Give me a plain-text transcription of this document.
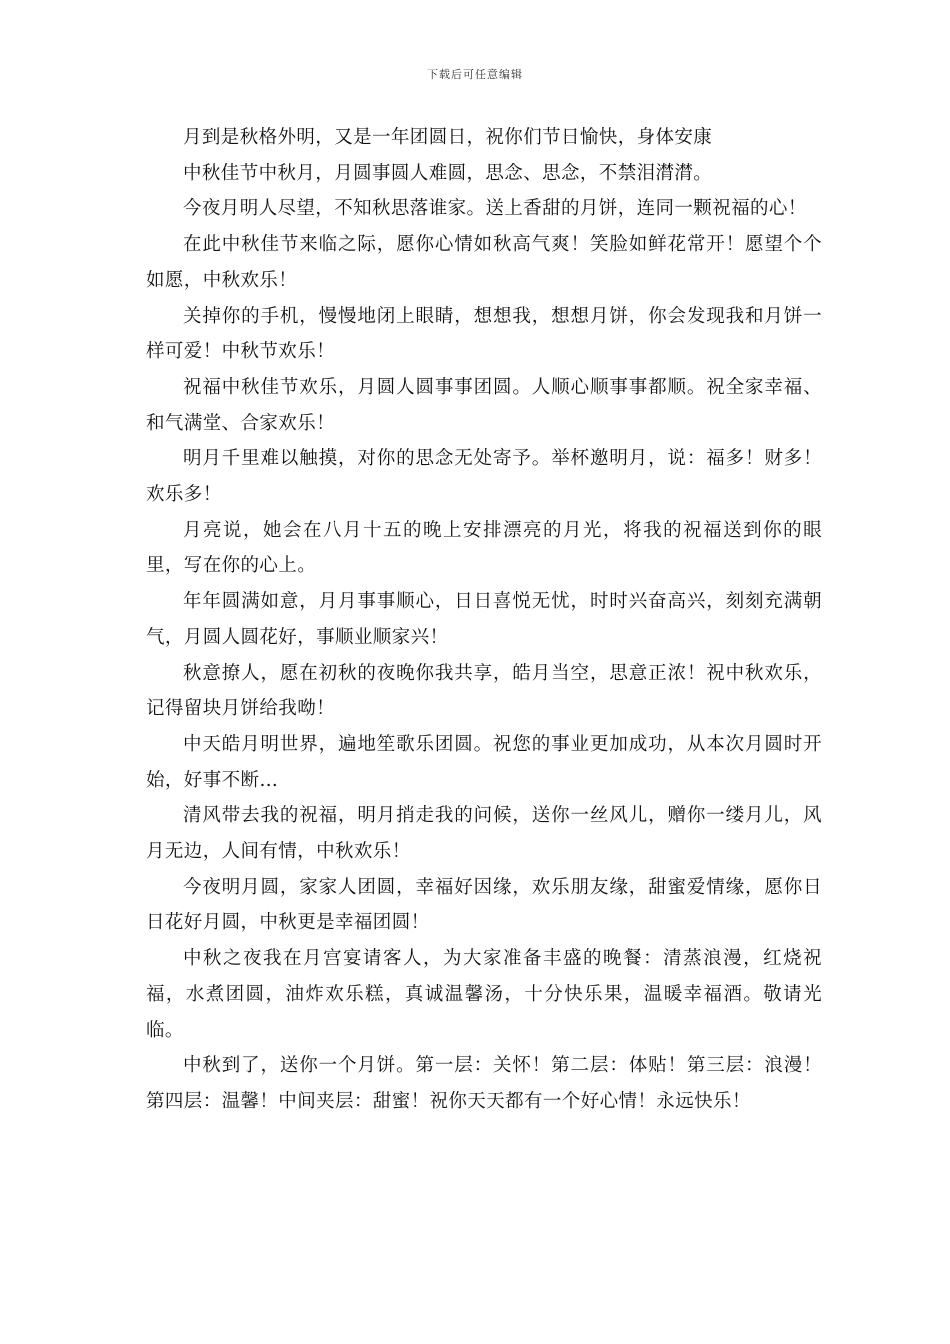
下载后可任意编辑

月到是秋格外明，又是一年团圆日，祝你们节日愉快，身体安康

中秋佳节中秋月，月圆事圆人难圆，思念、思念，不禁泪潸潸。

今夜月明人尽望，不知秋思落谁家。送上香甜的月饼，连同一颗祝福的心！

在此中秋佳节来临之际，愿你心情如秋高气爽！笑脸如鲜花常开！愿望个个如愿，中秋欢乐！

关掉你的手机，慢慢地闭上眼睛，想想我，想想月饼，你会发现我和月饼一样可爱！中秋节欢乐！

祝福中秋佳节欢乐，月圆人圆事事团圆。人顺心顺事事都顺。祝全家幸福、和气满堂、合家欢乐！

明月千里难以触摸，对你的思念无处寄予。举杯邀明月，说：福多！财多！欢乐多！

月亮说，她会在八月十五的晚上安排漂亮的月光，将我的祝福送到你的眼里，写在你的心上。

年年圆满如意，月月事事顺心，日日喜悦无忧，时时兴奋高兴，刻刻充满朝气，月圆人圆花好，事顺业顺家兴！

秋意撩人，愿在初秋的夜晚你我共享，皓月当空，思意正浓！祝中秋欢乐，记得留块月饼给我呦！

中天皓月明世界，遍地笙歌乐团圆。祝您的事业更加成功，从本次月圆时开始，好事不断…

清风带去我的祝福，明月捎走我的问候，送你一丝风儿，赠你一缕月儿，风月无边，人间有情，中秋欢乐！

今夜明月圆，家家人团圆，幸福好因缘，欢乐朋友缘，甜蜜爱情缘，愿你日日花好月圆，中秋更是幸福团圆！

中秋之夜我在月宫宴请客人，为大家准备丰盛的晚餐：清蒸浪漫，红烧祝福，水煮团圆，油炸欢乐糕，真诚温馨汤，十分快乐果，温暖幸福酒。敬请光临。

中秋到了，送你一个月饼。第一层：关怀！第二层：体贴！第三层：浪漫！第四层：温馨！中间夹层：甜蜜！祝你天天都有一个好心情！永远快乐！
